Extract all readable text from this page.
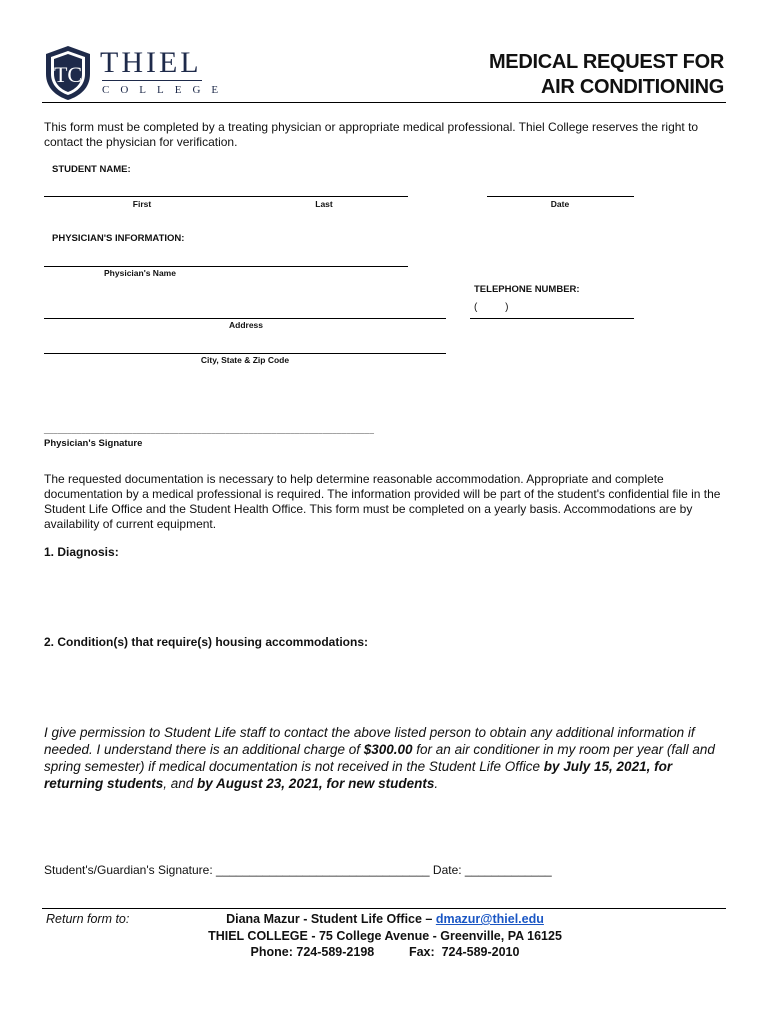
TC THIEL
COLLEGE
MEDICAL REQUEST FOR
AIR CONDITIONING
This form must be completed by a treating physician or appropriate medical professional. Thiel College reserves the right to contact the physician for verification.
STUDENT NAME:
First	Last	Date
PHYSICIAN'S INFORMATION:
Physician's Name
TELEPHONE NUMBER:
(          )
Address
City, State & Zip Code
_______________________________________________________________________
Physician's Signature
The requested documentation is necessary to help determine reasonable accommodation. Appropriate and complete documentation by a medical professional is required. The information provided will be part of the student's confidential file in the Student Life Office and the Student Health Office. This form must be completed on a yearly basis. Accommodations are by availability of current equipment.
1. Diagnosis:
2. Condition(s) that require(s) housing accommodations:
I give permission to Student Life staff to contact the above listed person to obtain any additional information if needed. I understand there is an additional charge of $300.00 for an air conditioner in my room per year (fall and spring semester) if medical documentation is not received in the Student Life Office by July 15, 2021, for returning students, and by August 23, 2021, for new students.
Student's/Guardian's Signature: ________________________________ Date: _____________
Return form to:	Diana Mazur - Student Life Office – dmazur@thiel.edu
THIEL COLLEGE - 75 College Avenue - Greenville, PA 16125
Phone: 724-589-2198          Fax:  724-589-2010
